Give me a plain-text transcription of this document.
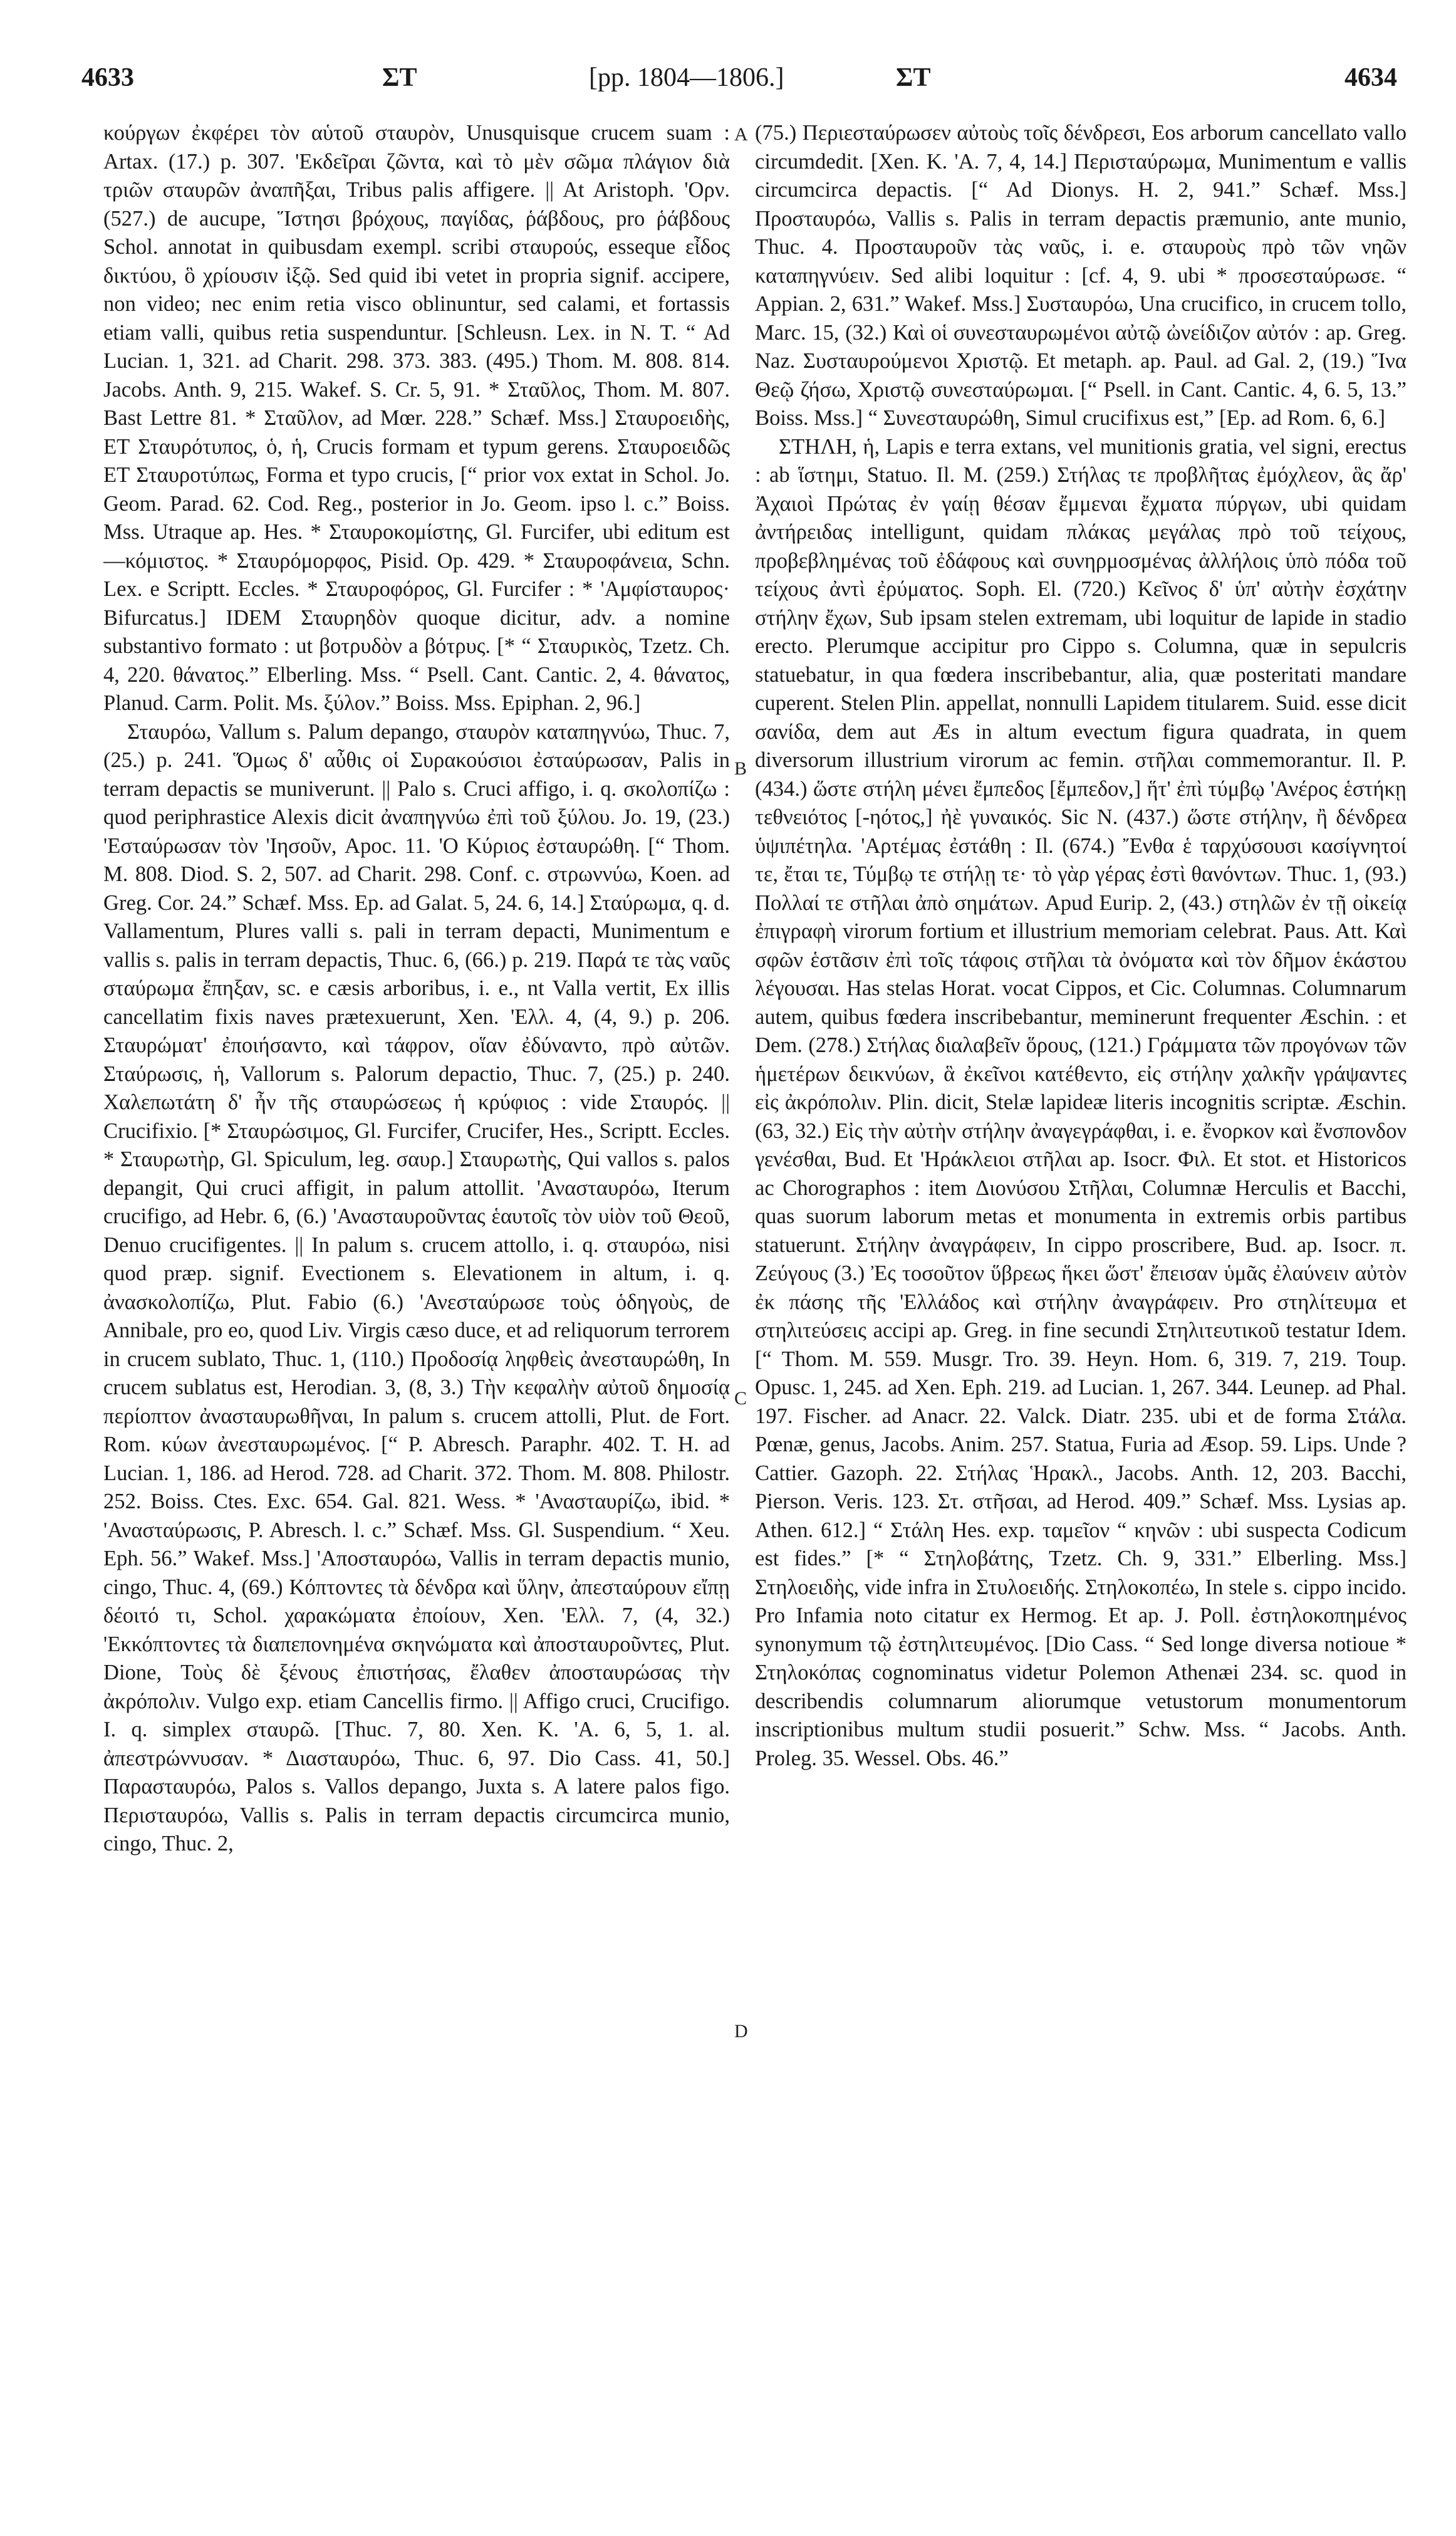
4633	ΣΤ	[pp. 1804—1806.]	ΣΤ	4634

κούργων ἐκφέρει τὸν αὑτοῦ σταυρὸν, Unusquisque crucem suam : Artax. (17.) p. 307. 'Εκδεῖραι ζῶντα, καὶ τὸ μὲν σῶμα πλάγιον διὰ τριῶν σταυρῶν ἀναπῆξαι, Tribus palis affigere. || At Aristoph. 'Ορν. (527.) de aucupe, Ἵστησι βρόχους, παγίδας, ῥάβδους, pro ῥάβδους Schol. annotat in quibusdam exempl. scribi σταυρούς, esseque εἶδος δικτύου, ὃ χρίουσιν ἰξῷ. Sed quid ibi vetet in propria signif. accipere, non video; nec enim retia visco oblinuntur, sed calami, et fortassis etiam valli, quibus retia suspenduntur. [Schleusn. Lex. in N. T. “ Ad Lucian. 1, 321. ad Charit. 298. 373. 383. (495.) Thom. M. 808. 814. Jacobs. Anth. 9, 215. Wakef. S. Cr. 5, 91. * Σταῦλος, Thom. M. 807. Bast Lettre 81. * Σταῦλον, ad Mœr. 228.” Schæf. Mss.] Σταυροειδὴς, ET Σταυρότυπος, ὁ, ἡ, Crucis formam et typum gerens. Σταυροειδῶς ET Σταυροτύπως, Forma et typo crucis, [“ prior vox extat in Schol. Jo. Geom. Parad. 62. Cod. Reg., posterior in Jo. Geom. ipso l. c.” Boiss. Mss. Utraque ap. Hes. * Σταυροκομίστης, Gl. Furcifer, ubi editum est —κόμιστος. * Σταυρόμορφος, Pisid. Op. 429. * Σταυροφάνεια, Schn. Lex. e Scriptt. Eccles. * Σταυροφόρος, Gl. Furcifer : * 'Αμφίσταυρος· Bifurcatus.] IDEM Σταυρηδὸν quoque dicitur, adv. a nomine substantivo formato : ut βοτρυδὸν a βότρυς. [* “ Σταυρικὸς, Tzetz. Ch. 4, 220. θάνατος.” Elberling. Mss. “ Psell. Cant. Cantic. 2, 4. θάνατος, Planud. Carm. Polit. Ms. ξύλον.” Boiss. Mss. Epiphan. 2, 96.]

Σταυρόω, Vallum s. Palum depango, σταυρὸν καταπηγνύω, Thuc. 7, (25.) p. 241. Ὅμως δ' αὖθις οἱ Συρακούσιοι ἐσταύρωσαν, Palis in terram depactis se muniverunt. || Palo s. Cruci affigo, i. q. σκολοπίζω : quod periphrastice Alexis dicit ἀναπηγνύω ἐπὶ τοῦ ξύλου. Jo. 19, (23.) 'Εσταύρωσαν τὸν 'Ιησοῦν, Apoc. 11. 'Ο Κύριος ἐσταυρώθη. [“ Thom. M. 808. Diod. S. 2, 507. ad Charit. 298. Conf. c. στρωννύω, Koen. ad Greg. Cor. 24.” Schæf. Mss. Ep. ad Galat. 5, 24. 6, 14.] Σταύρωμα, q. d. Vallamentum, Plures valli s. pali in terram depacti, Munimentum e vallis s. palis in terram depactis, Thuc. 6, (66.) p. 219. Παρά τε τὰς ναῦς σταύρωμα ἔπηξαν, sc. e cæsis arboribus, i. e., nt Valla vertit, Ex illis cancellatim fixis naves prætexuerunt, Xen. 'Ελλ. 4, (4, 9.) p. 206. Σταυρώματ' ἐποιήσαντο, καὶ τάφρον, οἵαν ἐδύναντο, πρὸ αὐτῶν. Σταύρωσις, ἡ, Vallorum s. Palorum depactio, Thuc. 7, (25.) p. 240. Χαλεπωτάτη δ' ἦν τῆς σταυρώσεως ἡ κρύφιος : vide Σταυρός. || Crucifixio. [* Σταυρώσιμος, Gl. Furcifer, Crucifer, Hes., Scriptt. Eccles. * Σταυρωτὴρ, Gl. Spiculum, leg. σαυρ.] Σταυρωτὴς, Qui vallos s. palos depangit, Qui cruci affigit, in palum attollit. 'Ανασταυρόω, Iterum crucifigo, ad Hebr. 6, (6.) 'Ανασταυροῦντας ἑαυτοῖς τὸν υἱὸν τοῦ Θεοῦ, Denuo crucifigentes. || In palum s. crucem attollo, i. q. σταυρόω, nisi quod præp. signif. Evectionem s. Elevationem in altum, i. q. ἀνασκολοπίζω, Plut. Fabio (6.) 'Ανεσταύρωσε τοὺς ὁδηγοὺς, de Annibale, pro eo, quod Liv. Virgis cæso duce, et ad reliquorum terrorem in crucem sublato, Thuc. 1, (110.) Προδοσίᾳ ληφθεὶς ἀνεσταυρώθη, In crucem sublatus est, Herodian. 3, (8, 3.) Τὴν κεφαλὴν αὐτοῦ δημοσίᾳ περίοπτον ἀνασταυρωθῆναι, In palum s. crucem attolli, Plut. de Fort. Rom. κύων ἀνεσταυρωμένος. [“ P. Abresch. Paraphr. 402. T. H. ad Lucian. 1, 186. ad Herod. 728. ad Charit. 372. Thom. M. 808. Philostr. 252. Boiss. Ctes. Exc. 654. Gal. 821. Wess. * 'Ανασταυρίζω, ibid. * 'Ανασταύρωσις, P. Abresch. l. c.” Schæf. Mss. Gl. Suspendium. “ Xeu. Eph. 56.” Wakef. Mss.] 'Αποσταυρόω, Vallis in terram depactis munio, cingo, Thuc. 4, (69.) Κόπτοντες τὰ δένδρα καὶ ὕλην, ἀπεσταύρουν εἴπῃ δέοιτό τι, Schol. χαρακώματα ἐποίουν, Xen. 'Ελλ. 7, (4, 32.) 'Εκκόπτοντες τὰ διαπεπονημένα σκηνώματα καὶ ἀποσταυροῦντες, Plut. Dione, Τοὺς δὲ ξένους ἐπιστήσας, ἔλαθεν ἀποσταυρώσας τὴν ἀκρόπολιν. Vulgo exp. etiam Cancellis firmo. || Affigo cruci, Crucifigo. I. q. simplex σταυρῶ. [Thuc. 7, 80. Xen. K. 'A. 6, 5, 1. al. ἀπεστρώννυσαν. * Διασταυρόω, Thuc. 6, 97. Dio Cass. 41, 50.] Παρασταυρόω, Palos s. Vallos depango, Juxta s. A latere palos figo. Περισταυρόω, Vallis s. Palis in terram depactis circumcirca munio, cingo, Thuc. 2,

A
B
C
D

(75.) Περιεσταύρωσεν αὐτοὺς τοῖς δένδρεσι, Eos arborum cancellato vallo circumdedit. [Xen. K. 'A. 7, 4, 14.] Περισταύρωμα, Munimentum e vallis circumcirca depactis. [“ Ad Dionys. H. 2, 941.” Schæf. Mss.] Προσταυρόω, Vallis s. Palis in terram depactis præmunio, ante munio, Thuc. 4. Προσταυροῦν τὰς ναῦς, i. e. σταυροὺς πρὸ τῶν νηῶν καταπηγνύειν. Sed alibi loquitur : [cf. 4, 9. ubi * προσεσταύρωσε. “ Appian. 2, 631.” Wakef. Mss.] Συσταυρόω, Una crucifico, in crucem tollo, Marc. 15, (32.) Καὶ οἱ συνεσταυρωμένοι αὐτῷ ὠνείδιζον αὐτόν : ap. Greg. Naz. Συσταυρούμενοι Χριστῷ. Et metaph. ap. Paul. ad Gal. 2, (19.) Ἵνα Θεῷ ζήσω, Χριστῷ συνεσταύρωμαι. [“ Psell. in Cant. Cantic. 4, 6. 5, 13.” Boiss. Mss.] “ Συνεσταυρώθη, Simul crucifixus est,” [Ep. ad Rom. 6, 6.]

ΣΤΗΛΗ, ἡ, Lapis e terra extans, vel munitionis gratia, vel signi, erectus : ab ἵστημι, Statuo. Il. M. (259.) Στήλας τε προβλῆτας ἐμόχλεον, ἃς ἄρ' Ἀχαιοὶ Πρώτας ἐν γαίῃ θέσαν ἔμμεναι ἔχματα πύργων, ubi quidam ἀντήρειδας intelligunt, quidam πλάκας μεγάλας πρὸ τοῦ τείχους, προβεβλημένας τοῦ ἐδάφους καὶ συνηρμοσμένας ἀλλήλοις ὑπὸ πόδα τοῦ τείχους ἀντὶ ἐρύματος. Soph. El. (720.) Κεῖνος δ' ὑπ' αὐτὴν ἐσχάτην στήλην ἔχων, Sub ipsam stelen extremam, ubi loquitur de lapide in stadio erecto. Plerumque accipitur pro Cippo s. Columna, quæ in sepulcris statuebatur, in qua fœdera inscribebantur, alia, quæ posteritati mandare cuperent. Stelen Plin. appellat, nonnulli Lapidem titularem. Suid. esse dicit σανίδα, dem aut Æs in altum evectum figura quadrata, in quem diversorum illustrium virorum ac femin. στῆλαι commemorantur. Il. P. (434.) ὥστε στήλη μένει ἔμπεδος [ἔμπεδον,] ἥτ' ἐπὶ τύμβῳ 'Ανέρος ἑστήκῃ τεθνειότος [-ηότος,] ἠὲ γυναικός. Sic N. (437.) ὥστε στήλην, ἢ δένδρεα ὑψιπέτηλα. 'Αρτέμας ἐστάθη : Il. (674.) Ἔνθα ἑ ταρχύσουσι κασίγνητοί τε, ἔται τε, Τύμβῳ τε στήλῃ τε· τὸ γὰρ γέρας ἐστὶ θανόντων. Thuc. 1, (93.) Πολλαί τε στῆλαι ἀπὸ σημάτων. Apud Eurip. 2, (43.) στηλῶν ἐν τῇ οἰκείᾳ ἐπιγραφὴ virorum fortium et illustrium memoriam celebrat. Paus. Att. Καὶ σφῶν ἑστᾶσιν ἐπὶ τοῖς τάφοις στῆλαι τὰ ὀνόματα καὶ τὸν δῆμον ἑκάστου λέγουσαι. Has stelas Horat. vocat Cippos, et Cic. Columnas. Columnarum autem, quibus fœdera inscribebantur, meminerunt frequenter Æschin. : et Dem. (278.) Στήλας διαλαβεῖν ὅρους, (121.) Γράμματα τῶν προγόνων τῶν ἡμετέρων δεικνύων, ἃ ἐκεῖνοι κατέθεντο, εἰς στήλην χαλκῆν γράψαντες εἰς ἀκρόπολιν. Plin. dicit, Stelæ lapideæ literis incognitis scriptæ. Æschin. (63, 32.) Εἰς τὴν αὐτὴν στήλην ἀναγεγράφθαι, i. e. ἔνορκον καὶ ἔνσπονδον γενέσθαι, Bud. Et 'Ηράκλειοι στῆλαι ap. Isocr. Φιλ. Et stot. et Historicos ac Chorographos : item Διονύσου Στῆλαι, Columnæ Herculis et Bacchi, quas suorum laborum metas et monumenta in extremis orbis partibus statuerunt. Στήλην ἀναγράφειν, In cippo proscribere, Bud. ap. Isocr. π. Ζεύγους (3.) Ἐς τοσοῦτον ὕβρεως ἥκει ὥστ' ἔπεισαν ὑμᾶς ἐλαύνειν αὐτὸν ἐκ πάσης τῆς 'Ελλάδος καὶ στήλην ἀναγράφειν. Pro στηλίτευμα et στηλιτεύσεις accipi ap. Greg. in fine secundi Στηλιτευτικοῦ testatur Idem. [“ Thom. M. 559. Musgr. Tro. 39. Heyn. Hom. 6, 319. 7, 219. Toup. Opusc. 1, 245. ad Xen. Eph. 219. ad Lucian. 1, 267. 344. Leunep. ad Phal. 197. Fischer. ad Anacr. 22. Valck. Diatr. 235. ubi et de forma Στάλα. Pœnæ, genus, Jacobs. Anim. 257. Statua, Furia ad Æsop. 59. Lips. Unde ? Cattier. Gazoph. 22. Στήλας Ἡρακλ., Jacobs. Anth. 12, 203. Bacchi, Pierson. Veris. 123. Στ. στῆσαι, ad Herod. 409.” Schæf. Mss. Lysias ap. Athen. 612.] “ Στάλη Hes. exp. ταμεῖον “ κηνῶν : ubi suspecta Codicum est fides.” [* “ Στηλοβάτης, Tzetz. Ch. 9, 331.” Elberling. Mss.] Στηλοειδὴς, vide infra in Στυλοειδής. Στηλοκοπέω, In stele s. cippo incido. Pro Infamia noto citatur ex Hermog. Et ap. J. Poll. ἐστηλοκοπημένος synonymum τῷ ἐστηλιτευμένος. [Dio Cass. “ Sed longe diversa notioue * Στηλοκόπας cognominatus videtur Polemon Athenæi 234. sc. quod in describendis columnarum aliorumque vetustorum monumentorum inscriptionibus multum studii posuerit.” Schw. Mss. “ Jacobs. Anth. Proleg. 35. Wessel. Obs. 46.”
